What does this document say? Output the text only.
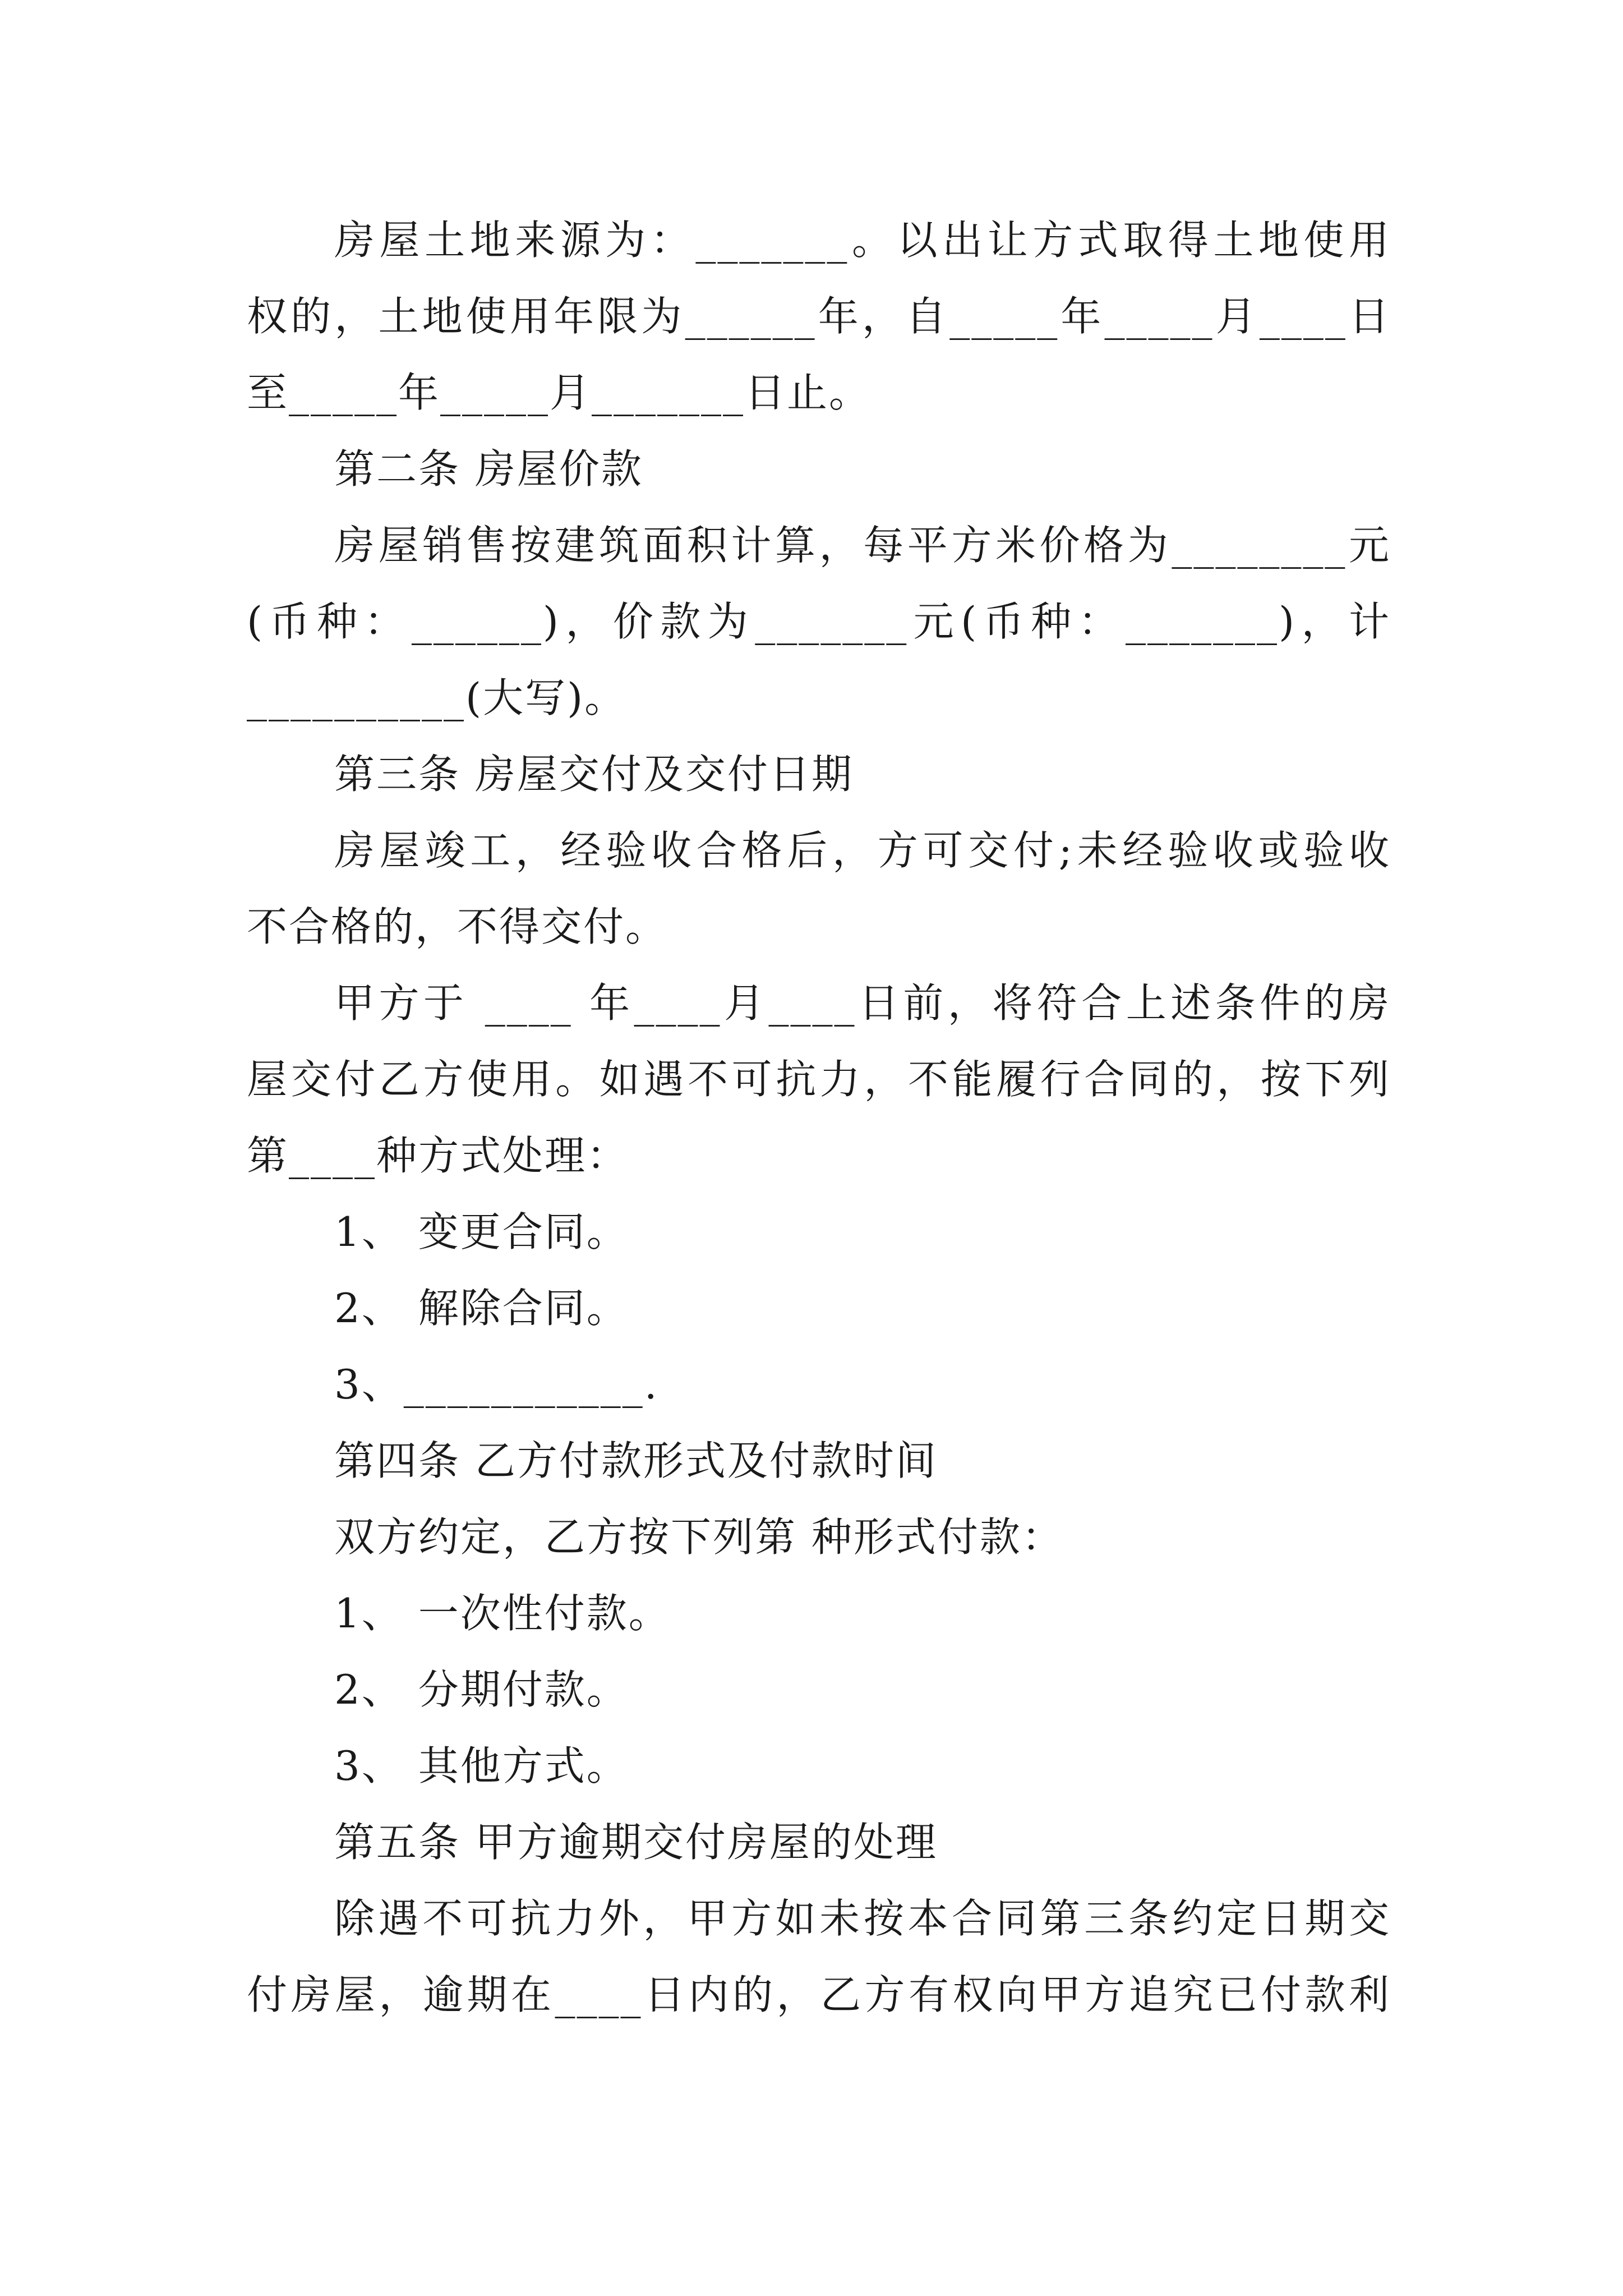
房屋土地来源为：_______。以出让方式取得土地使用
权的，土地使用年限为______年，自_____年_____月____日
至_____年_____月_______日止。
第二条 房屋价款
房屋销售按建筑面积计算，每平方米价格为________元
(币种：______)，价款为_______元(币种：_______)，计
__________(大写)。
第三条 房屋交付及交付日期
房屋竣工，经验收合格后，方可交付;未经验收或验收
不合格的，不得交付。
甲方于 ____ 年____月____日前，将符合上述条件的房
屋交付乙方使用。如遇不可抗力，不能履行合同的，按下列
第____种方式处理：
1、 变更合同。
2、 解除合同。
3、___________.
第四条 乙方付款形式及付款时间
双方约定，乙方按下列第 种形式付款：
1、 一次性付款。
2、 分期付款。
3、 其他方式。
第五条 甲方逾期交付房屋的处理
除遇不可抗力外，甲方如未按本合同第三条约定日期交
付房屋，逾期在____日内的，乙方有权向甲方追究已付款利
